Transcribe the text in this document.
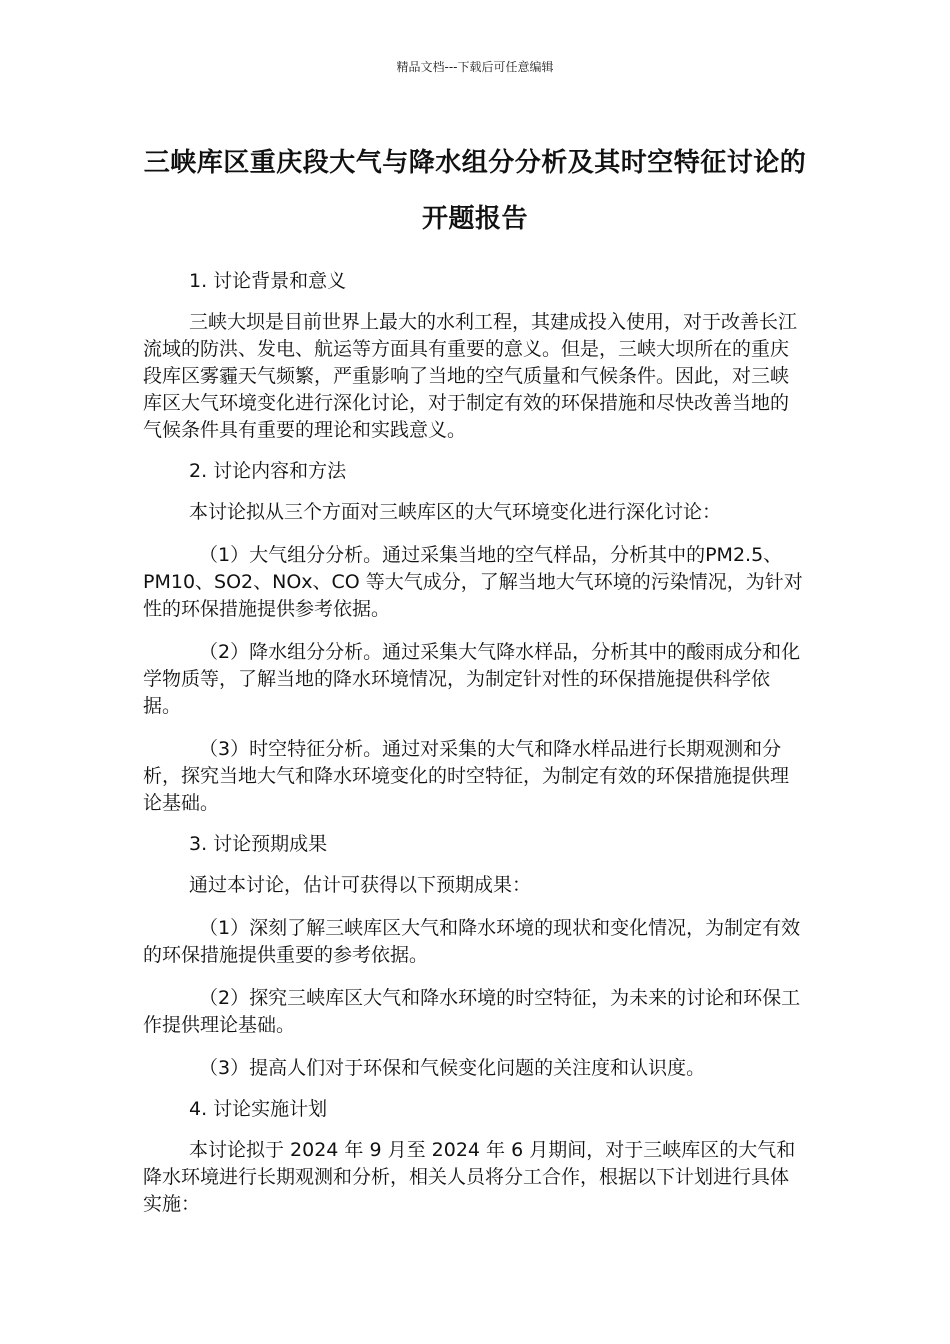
精品文档---下载后可任意编辑
三峡库区重庆段大气与降水组分分析及其时空特征讨论的开题报告

1. 讨论背景和意义

三峡大坝是目前世界上最大的水利工程，其建成投入使用，对于改善长江流域的防洪、发电、航运等方面具有重要的意义。但是，三峡大坝所在的重庆段库区雾霾天气频繁，严重影响了当地的空气质量和气候条件。因此，对三峡库区大气环境变化进行深化讨论，对于制定有效的环保措施和尽快改善当地的气候条件具有重要的理论和实践意义。

2. 讨论内容和方法

本讨论拟从三个方面对三峡库区的大气环境变化进行深化讨论：

（1）大气组分分析。通过采集当地的空气样品，分析其中的PM2.5、PM10、SO2、NOx、CO 等大气成分，了解当地大气环境的污染情况，为针对性的环保措施提供参考依据。

（2）降水组分分析。通过采集大气降水样品，分析其中的酸雨成分和化学物质等，了解当地的降水环境情况，为制定针对性的环保措施提供科学依据。

（3）时空特征分析。通过对采集的大气和降水样品进行长期观测和分析，探究当地大气和降水环境变化的时空特征，为制定有效的环保措施提供理论基础。

3. 讨论预期成果

通过本讨论，估计可获得以下预期成果：

（1）深刻了解三峡库区大气和降水环境的现状和变化情况，为制定有效的环保措施提供重要的参考依据。

（2）探究三峡库区大气和降水环境的时空特征，为未来的讨论和环保工作提供理论基础。

（3）提高人们对于环保和气候变化问题的关注度和认识度。

4. 讨论实施计划

本讨论拟于 2024 年 9 月至 2024 年 6 月期间，对于三峡库区的大气和降水环境进行长期观测和分析，相关人员将分工合作，根据以下计划进行具体实施：
